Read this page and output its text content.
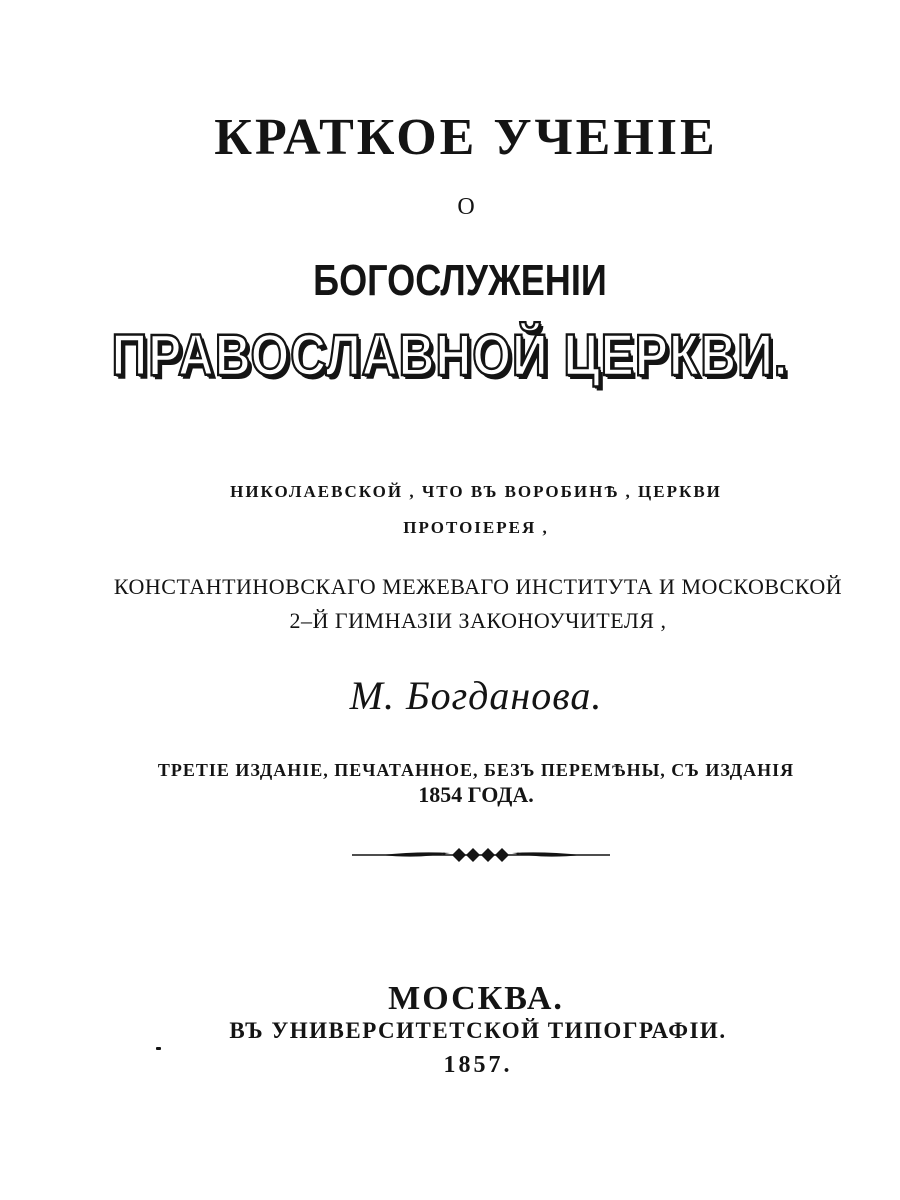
КРАТКОЕ УЧЕНІЕ
О
БОГОСЛУЖЕНІИ
ПРАВОСЛАВНОЙ ЦЕРКВИ.
НИКОЛАЕВСКОЙ , ЧТО ВЪ ВОРОБИНѢ , ЦЕРКВИ
ПРОТОІЕРЕЯ ,
КОНСТАНТИНОВСКАГО МЕЖЕВАГО ИНСТИТУТА И МОСКОВСКОЙ
2–Й ГИМНАЗІИ ЗАКОНОУЧИТЕЛЯ ,
М. Богданова.
ТРЕТІЕ ИЗДАНІЕ, ПЕЧАТАННОЕ, БЕЗЪ ПЕРЕМѢНЫ, СЪ ИЗДАНІЯ
1854 ГОДА.
МОСКВА.
ВЪ УНИВЕРСИТЕТСКОЙ ТИПОГРАФІИ.
1857.
